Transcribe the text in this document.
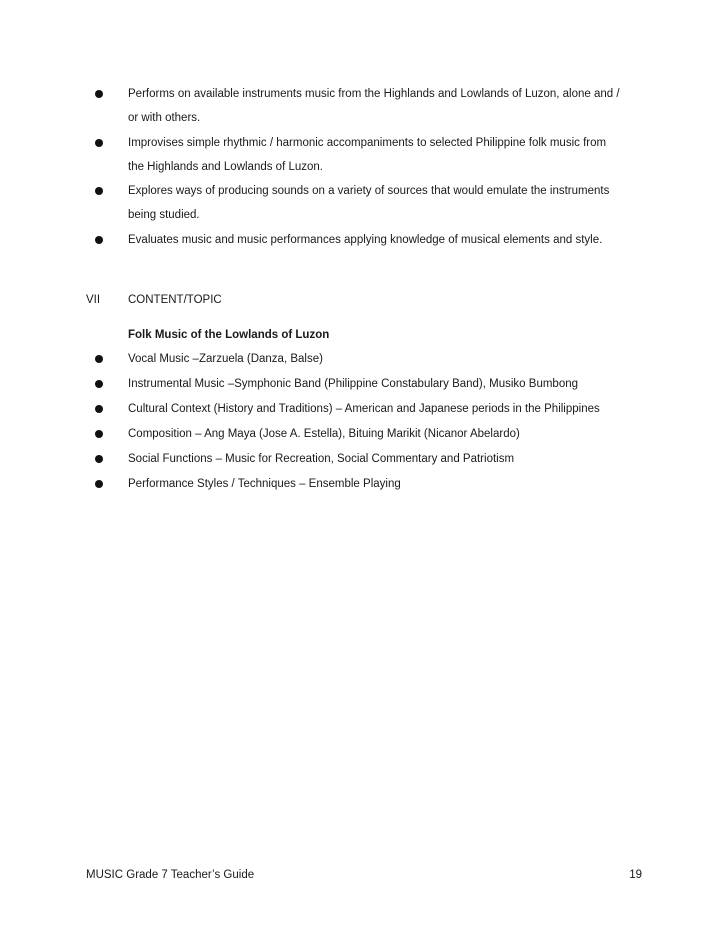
Performs on available instruments music from the Highlands and Lowlands of Luzon, alone and /
or with others.
Improvises simple rhythmic / harmonic accompaniments to selected Philippine folk music from
the Highlands and Lowlands of Luzon.
Explores ways of producing sounds on a variety of sources that would emulate the instruments
being studied.
Evaluates music and music performances applying knowledge of musical elements and style.
VII CONTENT/TOPIC
Folk Music of the Lowlands of Luzon
Vocal Music –Zarzuela (Danza, Balse)
Instrumental Music –Symphonic Band (Philippine Constabulary Band), Musiko Bumbong
Cultural Context (History and Traditions) – American and Japanese periods in the Philippines
Composition – Ang Maya (Jose A. Estella), Bituing Marikit (Nicanor Abelardo)
Social Functions – Music for Recreation, Social Commentary and Patriotism
Performance Styles / Techniques – Ensemble Playing
MUSIC Grade 7 Teacher’s Guide	19
